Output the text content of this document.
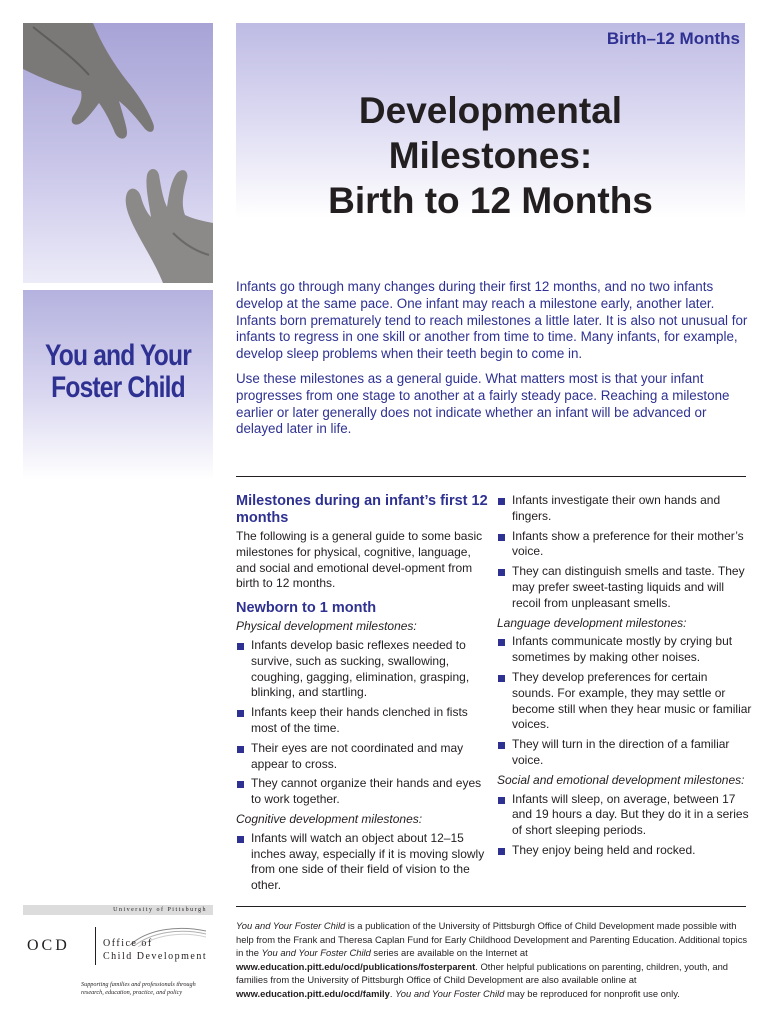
You and Your
Foster Child
Birth–12 Months
Developmental
Milestones:
Birth to 12 Months

Infants go through many changes during their first 12 months, and no two infants develop at the same pace. One infant may reach a milestone early, another later. Infants born prematurely tend to reach milestones a little later. It is also not unusual for infants to regress in one skill or another from time to time. Many infants, for example, develop sleep problems when their teeth begin to come in.

Use these milestones as a general guide. What matters most is that your infant progresses from one stage to another at a fairly steady pace. Reaching a milestone earlier or later generally does not indicate whether an infant will be advanced or delayed later in life.

Milestones during an infant’s first 12 months

The following is a general guide to some basic milestones for physical, cognitive, language, and social and emotional devel-opment from birth to 12 months.

Newborn to 1 month
Physical development milestones:
Infants develop basic reflexes needed to survive, such as sucking, swallowing, coughing, gagging, elimination, grasping, blinking, and startling.
Infants keep their hands clenched in fists most of the time.
Their eyes are not coordinated and may appear to cross.
They cannot organize their hands and eyes to work together.
Cognitive development milestones:
Infants will watch an object about 12–15 inches away, especially if it is moving slowly from one side of their field of vision to the other.
Infants investigate their own hands and fingers.
Infants show a preference for their mother’s voice.
They can distinguish smells and taste. They may prefer sweet-tasting liquids and will recoil from unpleasant smells.
Language development milestones:
Infants communicate mostly by crying but sometimes by making other noises.
They develop preferences for certain sounds. For example, they may settle or become still when they hear music or familiar voices.
They will turn in the direction of a familiar voice.
Social and emotional development milestones:
Infants will sleep, on average, between 17 and 19 hours a day. But they do it in a series of short sleeping periods.
They enjoy being held and rocked.
You and Your Foster Child is a publication of the University of Pittsburgh Office of Child Development made possible with help from the Frank and Theresa Caplan Fund for Early Childhood Development and Parenting Education. Additional topics in the You and Your Foster Child series are available on the Internet at www.education.pitt.edu/ocd/publications/fosterparent. Other helpful publications on parenting, children, youth, and families from the University of Pittsburgh Office of Child Development are also available online at www.education.pitt.edu/ocd/family. You and Your Foster Child may be reproduced for nonprofit use only.
University of Pittsburgh
OCD	Office of
Child Development
Supporting families and professionals through research, education, practice, and policy
